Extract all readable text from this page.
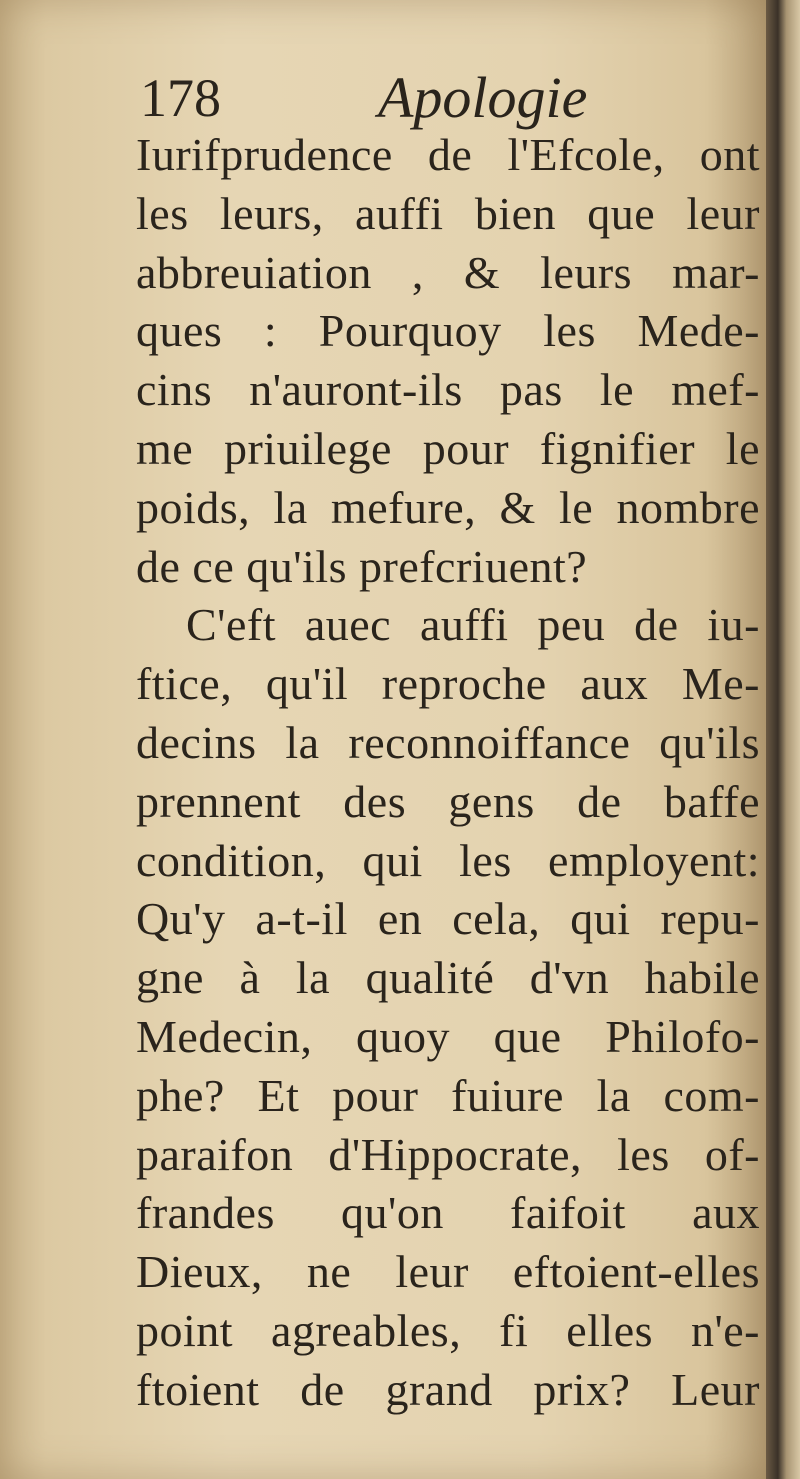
178	Apologie
Iurifprudence de l'Efcole, ont
les leurs, auffi bien que leur
abbreuiation , & leurs mar-
ques : Pourquoy les Mede-
cins n'auront-ils pas le mef-
me priuilege pour fignifier le
poids, la mefure, & le nombre
de ce qu'ils prefcriuent?
C'eft auec auffi peu de iu-
ftice, qu'il reproche aux Me-
decins la reconnoiffance qu'ils
prennent des gens de baffe
condition, qui les employent:
Qu'y a-t-il en cela, qui repu-
gne à la qualité d'vn habile
Medecin, quoy que Philofo-
phe? Et pour fuiure la com-
paraifon d'Hippocrate, les of-
frandes qu'on faifoit aux
Dieux, ne leur eftoient-elles
point agreables, fi elles n'e-
ftoient de grand prix? Leur
